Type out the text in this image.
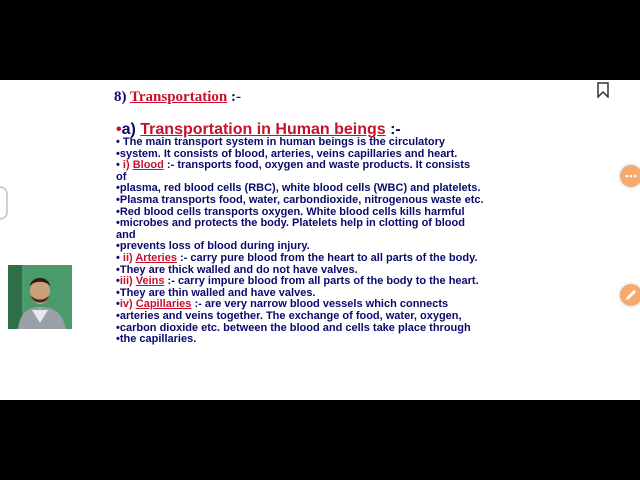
8) Transportation :-
•a) Transportation in Human beings :-
• The main transport system in human beings is the circulatory
•system. It consists of blood, arteries, veins capillaries and heart.
• i) Blood :- transports food, oxygen and waste products. It consists
of
•plasma, red blood cells (RBC), white blood cells (WBC) and platelets.
•Plasma transports food, water, carbondioxide, nitrogenous waste etc.
•Red blood cells transports oxygen. White blood cells kills harmful
•microbes and protects the body. Platelets help in clotting of blood
and
•prevents loss of blood during injury.
• ii) Arteries :- carry pure blood from the heart to all parts of the body.
•They are thick walled and do not have valves.
•iii) Veins :- carry impure blood from all parts of the body to the heart.
•They are thin walled and have valves.
•iv) Capillaries :- are very narrow blood vessels which connects
•arteries and veins together. The exchange of food, water, oxygen,
•carbon dioxide etc. between the blood and cells take place through
•the capillaries.
